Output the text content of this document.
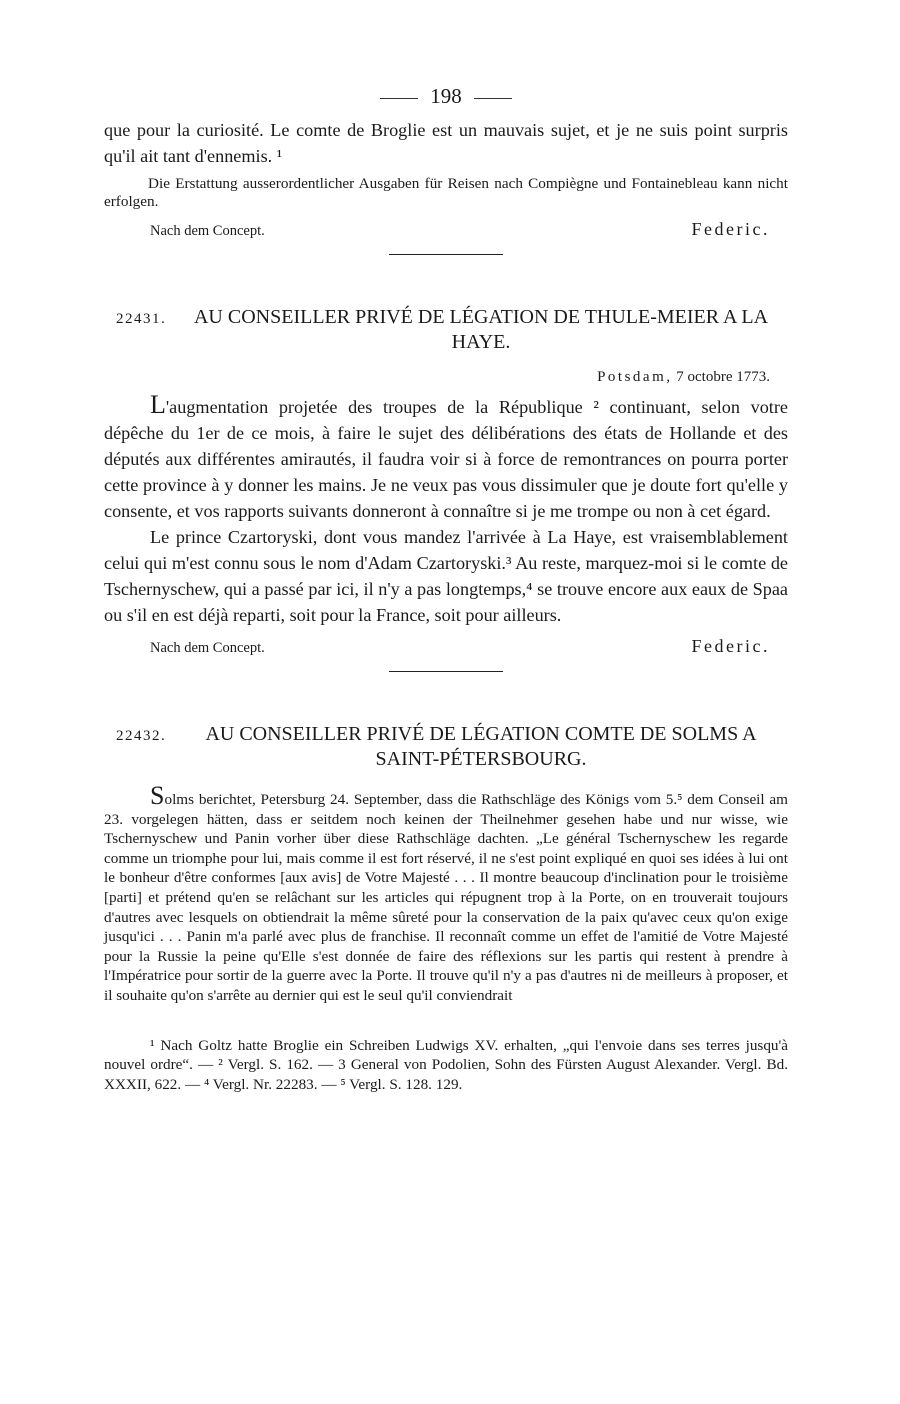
198

que pour la curiosité. Le comte de Broglie est un mauvais sujet, et je ne suis point surpris qu'il ait tant d'ennemis. ¹

Die Erstattung ausserordentlicher Ausgaben für Reisen nach Compiègne und Fontainebleau kann nicht erfolgen.

Nach dem Concept.	Federic.
22431. AU CONSEILLER PRIVÉ DE LÉGATION DE THULE-MEIER A LA HAYE.
Potsdam, 7 octobre 1773.

L'augmentation projetée des troupes de la République ² continuant, selon votre dépêche du 1er de ce mois, à faire le sujet des délibérations des états de Hollande et des députés aux différentes amirautés, il faudra voir si à force de remontrances on pourra porter cette province à y donner les mains. Je ne veux pas vous dissimuler que je doute fort qu'elle y consente, et vos rapports suivants donneront à connaître si je me trompe ou non à cet égard.

Le prince Czartoryski, dont vous mandez l'arrivée à La Haye, est vraisemblablement celui qui m'est connu sous le nom d'Adam Czartoryski.³ Au reste, marquez-moi si le comte de Tschernyschew, qui a passé par ici, il n'y a pas longtemps,⁴ se trouve encore aux eaux de Spaa ou s'il en est déjà reparti, soit pour la France, soit pour ailleurs.

Nach dem Concept.	Federic.
22432. AU CONSEILLER PRIVÉ DE LÉGATION COMTE DE SOLMS A SAINT-PÉTERSBOURG.

Solms berichtet, Petersburg 24. September, dass die Rathschläge des Königs vom 5.⁵ dem Conseil am 23. vorgelegen hätten, dass er seitdem noch keinen der Theilnehmer gesehen habe und nur wisse, wie Tschernyschew und Panin vorher über diese Rathschläge dachten. „Le général Tschernyschew les regarde comme un triomphe pour lui, mais comme il est fort réservé, il ne s'est point expliqué en quoi ses idées à lui ont le bonheur d'être conformes [aux avis] de Votre Majesté . . . Il montre beaucoup d'inclination pour le troisième [parti] et prétend qu'en se relâchant sur les articles qui répugnent trop à la Porte, on en trouverait toujours d'autres avec lesquels on obtiendrait la même sûreté pour la conservation de la paix qu'avec ceux qu'on exige jusqu'ici . . . Panin m'a parlé avec plus de franchise. Il reconnaît comme un effet de l'amitié de Votre Majesté pour la Russie la peine qu'Elle s'est donnée de faire des réflexions sur les partis qui restent à prendre à l'Impératrice pour sortir de la guerre avec la Porte. Il trouve qu'il n'y a pas d'autres ni de meilleurs à proposer, et il souhaite qu'on s'arrête au dernier qui est le seul qu'il conviendrait

¹ Nach Goltz hatte Broglie ein Schreiben Ludwigs XV. erhalten, „qui l'envoie dans ses terres jusqu'à nouvel ordre“. — ² Vergl. S. 162. — 3 General von Podolien, Sohn des Fürsten August Alexander. Vergl. Bd. XXXII, 622. — ⁴ Vergl. Nr. 22283. — ⁵ Vergl. S. 128. 129.
